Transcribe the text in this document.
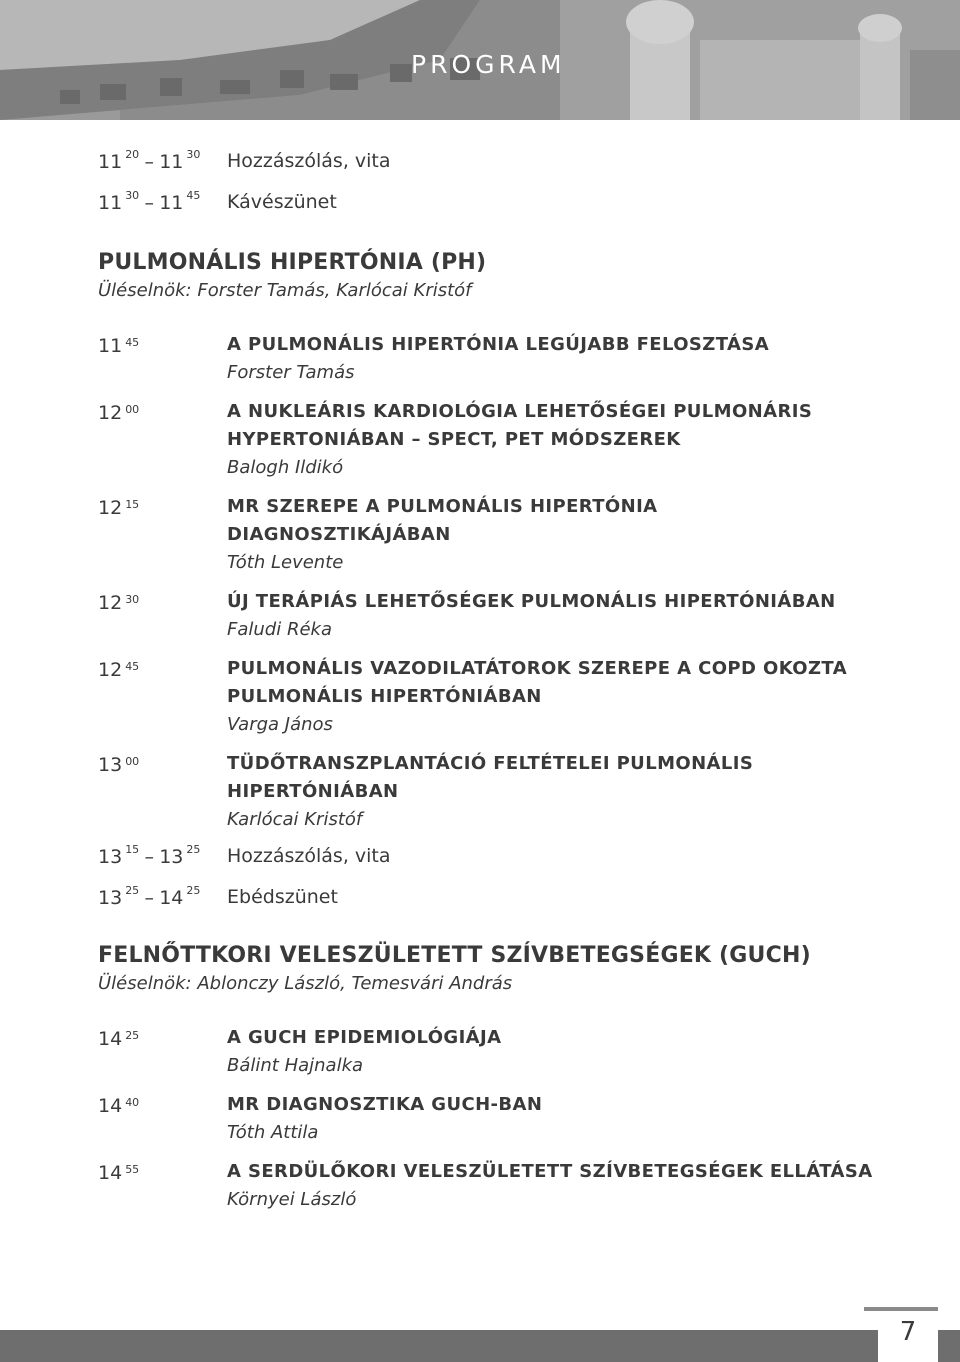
PROGRAM
11 $^{20}$ – 11 $^{30}$	Hozzászólás, vita
11 $^{30}$ – 11 $^{45}$	Kávészünet
PULMONÁLIS HIPERTÓNIA (PH)
Üléselnök: Forster Tamás, Karlócai Kristóf
11 $^{45}$	A PULMONÁLIS HIPERTÓNIA LEGÚJABB FELOSZTÁSA
Forster Tamás
12 $^{00}$	A NUKLEÁRIS KARDIOLÓGIA LEHETŐSÉGEI PULMONÁRIS
HYPERTONIÁBAN – SPECT, PET MÓDSZEREK
Balogh Ildikó
12 $^{15}$	MR SZEREPE A PULMONÁLIS HIPERTÓNIA
DIAGNOSZTIKÁJÁBAN
Tóth Levente
12 $^{30}$	ÚJ TERÁPIÁS LEHETŐSÉGEK PULMONÁLIS HIPERTÓNIÁBAN
Faludi Réka
12 $^{45}$	PULMONÁLIS VAZODILATÁTOROK SZEREPE A COPD OKOZTA
PULMONÁLIS HIPERTÓNIÁBAN
Varga János
13 $^{00}$	TÜDŐTRANSZPLANTÁCIÓ FELTÉTELEI PULMONÁLIS
HIPERTÓNIÁBAN
Karlócai Kristóf
13 $^{15}$ – 13 $^{25}$	Hozzászólás, vita
13 $^{25}$ – 14 $^{25}$	Ebédszünet
FELNŐTTKORI VELESZÜLETETT SZÍVBETEGSÉGEK (GUCH)
Üléselnök: Ablonczy László, Temesvári András
14 $^{25}$	A GUCH EPIDEMIOLÓGIÁJA
Bálint Hajnalka
14 $^{40}$	MR DIAGNOSZTIKA GUCH-BAN
Tóth Attila
14 $^{55}$	A SERDÜLŐKORI VELESZÜLETETT SZÍVBETEGSÉGEK ELLÁTÁSA
Környei László
7
